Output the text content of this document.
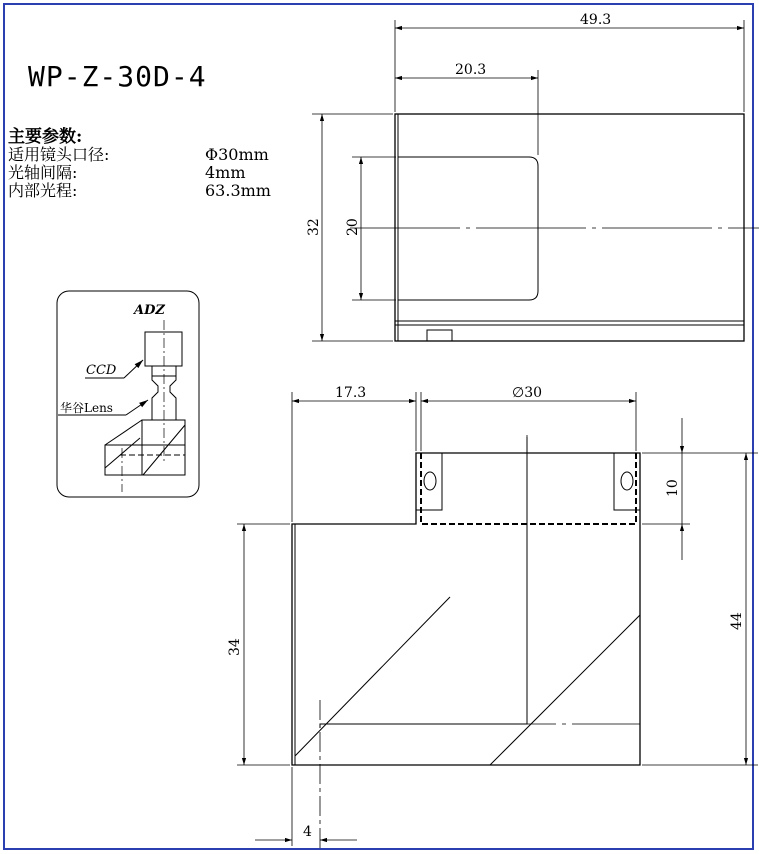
WP-Z-30D-4
主要参数:
适用镜头口径:	Φ30mm
光轴间隔:	4mm
内部光程:	63.3mm
49.3
20.3
32 20
ADZ
CCD
华谷Lens
17.3	∅30
10
44
34
4
